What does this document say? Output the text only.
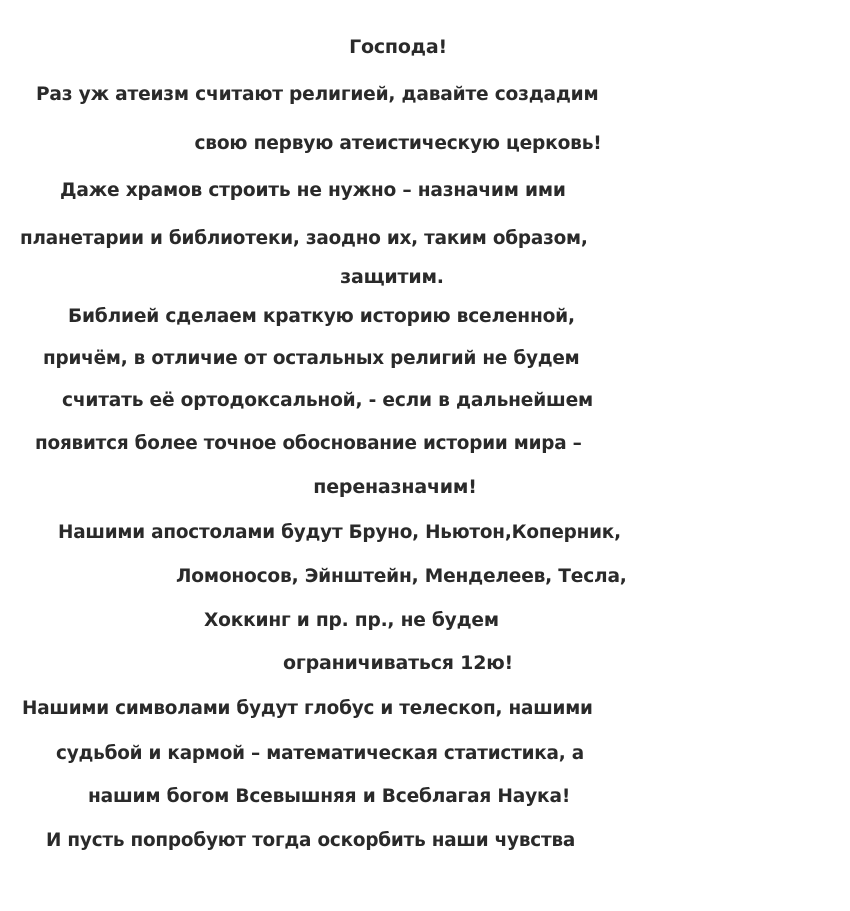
Господа!
Раз уж атеизм считают религией, давайте создадим
свою первую атеистическую церковь!
Даже храмов строить не нужно – назначим ими
планетарии и библиотеки, заодно их, таким образом,
защитим.
Библией сделаем краткую историю вселенной,
причём, в отличие от остальных религий не будем
считать её ортодоксальной, - если в дальнейшем
появится более точное обоснование истории мира –
переназначим!
Нашими апостолами будут Бруно, Ньютон,Коперник,
Ломоносов, Эйнштейн, Менделеев, Тесла,
Хоккинг и пр. пр., не будем
ограничиваться 12ю!
Нашими символами будут глобус и телескоп, нашими
судьбой и кармой – математическая статистика, а
нашим богом Всевышняя и Всеблагая Наука!
И пусть попробуют тогда оскорбить наши чувства
